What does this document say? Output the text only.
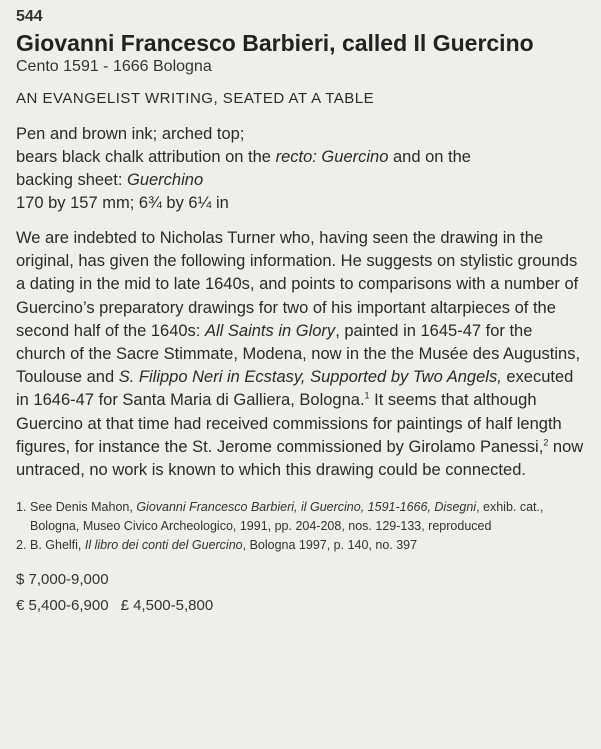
544
Giovanni Francesco Barbieri, called Il Guercino
Cento 1591 - 1666 Bologna
AN EVANGELIST WRITING, SEATED AT A TABLE

Pen and brown ink; arched top;

bears black chalk attribution on the recto: Guercino and on the

backing sheet: Guerchino

170 by 157 mm; 6¾ by 6¼ in

We are indebted to Nicholas Turner who, having seen the drawing in the original, has given the following information. He suggests on stylistic grounds a dating in the mid to late 1640s, and points to comparisons with a number of Guercino’s preparatory drawings for two of his important altarpieces of the second half of the 1640s: All Saints in Glory, painted in 1645-47 for the church of the Sacre Stimmate, Modena, now in the the Musée des Augustins, Toulouse and S. Filippo Neri in Ecstasy, Supported by Two Angels, executed in 1646-47 for Santa Maria di Galliera, Bologna.$^1$ It seems that although Guercino at that time had received commissions for paintings of half length figures, for instance the St. Jerome commissioned by Girolamo Panessi,$^2$ now untraced, no work is known to which this drawing could be connected.
1. See Denis Mahon, Giovanni Francesco Barbieri, il Guercino, 1591-1666, Disegni, exhib. cat., Bologna, Museo Civico Archeologico, 1991, pp. 204-208, nos. 129-133, reproduced
2. B. Ghelfi, Il libro dei conti del Guercino, Bologna 1997, p. 140, no. 397
$ 7,000-9,000
€ 5,400-6,900 £ 4,500-5,800
